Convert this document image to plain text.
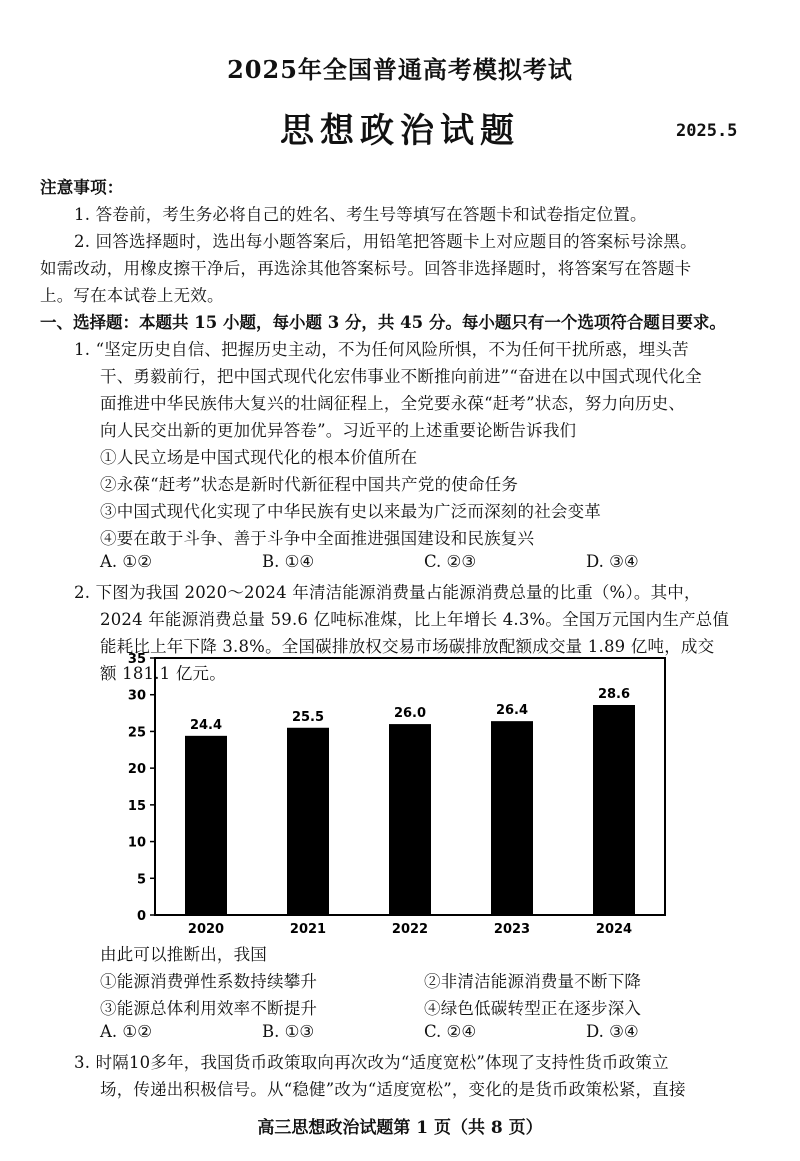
2025年全国普通高考模拟考试
思想政治试题	2025.5
注意事项：
1. 答卷前，考生务必将自己的姓名、考生号等填写在答题卡和试卷指定位置。
2. 回答选择题时，选出每小题答案后，用铅笔把答题卡上对应题目的答案标号涂黑。
如需改动，用橡皮擦干净后，再选涂其他答案标号。回答非选择题时，将答案写在答题卡
上。写在本试卷上无效。
一、选择题：本题共 15 小题，每小题 3 分，共 45 分。每小题只有一个选项符合题目要求。
1. “坚定历史自信、把握历史主动，不为任何风险所惧，不为任何干扰所惑，埋头苦
干、勇毅前行，把中国式现代化宏伟事业不断推向前进”“奋进在以中国式现代化全
面推进中华民族伟大复兴的壮阔征程上，全党要永葆“赶考”状态，努力向历史、
向人民交出新的更加优异答卷”。习近平的上述重要论断告诉我们
①人民立场是中国式现代化的根本价值所在
②永葆“赶考”状态是新时代新征程中国共产党的使命任务
③中国式现代化实现了中华民族有史以来最为广泛而深刻的社会变革
④要在敢于斗争、善于斗争中全面推进强国建设和民族复兴
A. ①②	B. ①④	C. ②③	D. ③④
2. 下图为我国 2020～2024 年清洁能源消费量占能源消费总量的比重（%）。其中，
2024 年能源消费总量 59.6 亿吨标准煤，比上年增长 4.3%。全国万元国内生产总值
能耗比上年下降 3.8%。全国碳排放权交易市场碳排放配额成交量 1.89 亿吨，成交
额 181.1 亿元。
0
5
10
15
20
25
30
35
24.4
2020
25.5
2021
26.0
2022
26.4
2023
28.6
2024
由此可以推断出，我国
①能源消费弹性系数持续攀升	②非清洁能源消费量不断下降
③能源总体利用效率不断提升	④绿色低碳转型正在逐步深入
A. ①②	B. ①③	C. ②④	D. ③④
3. 时隔10多年，我国货币政策取向再次改为“适度宽松”体现了支持性货币政策立
场，传递出积极信号。从“稳健”改为“适度宽松”，变化的是货币政策松紧，直接
高三思想政治试题第 1 页（共 8 页）
